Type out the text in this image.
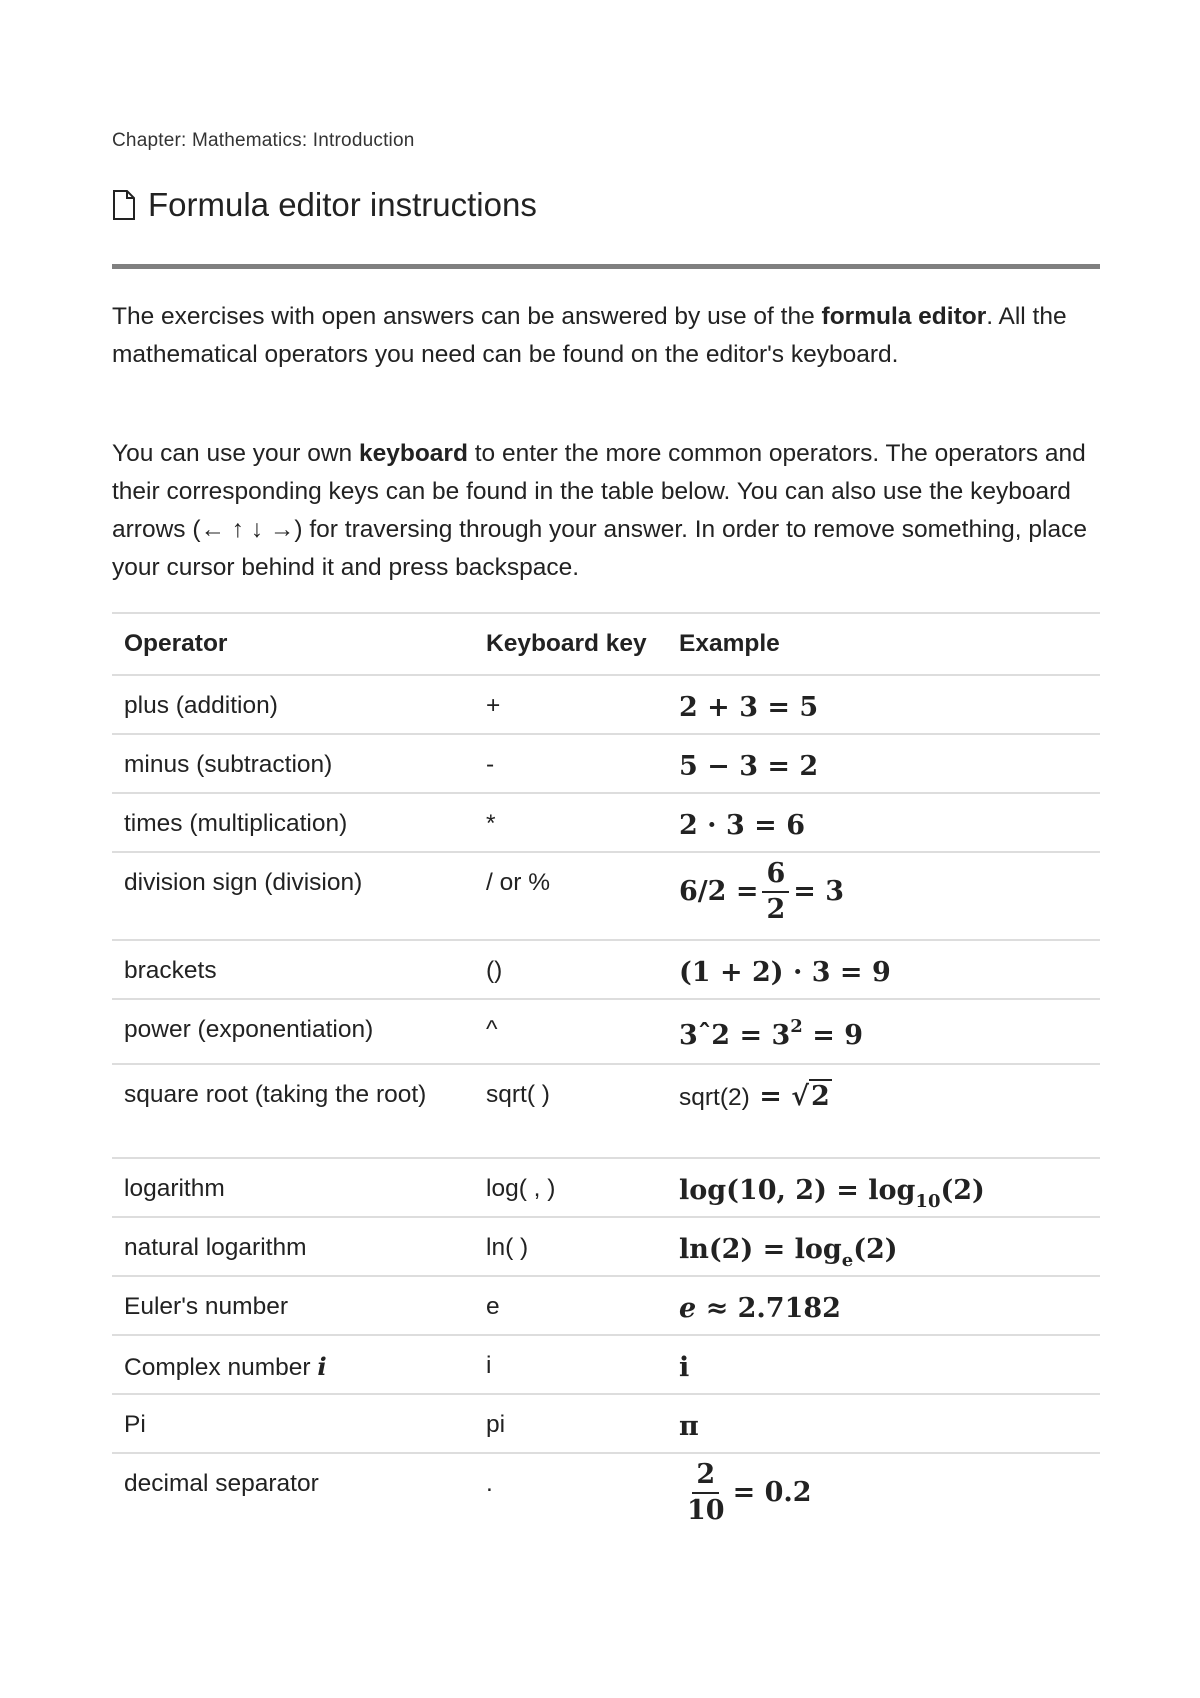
Chapter: Mathematics: Introduction
Formula editor instructions

The exercises with open answers can be answered by use of the formula editor. All the mathematical operators you need can be found on the editor's keyboard.

You can use your own keyboard to enter the more common operators. The operators and their corresponding keys can be found in the table below. You can also use the keyboard arrows (← ↑ ↓ →) for traversing through your answer. In order to remove something, place your cursor behind it and press backspace.

Operator	Keyboard key	Example
plus (addition)	+	2 + 3 = 5
minus (subtraction)	-	5 − 3 = 2
times (multiplication)	*	2 · 3 = 6
division sign (division)	/ or %	$6/2 = \frac{6}{2} = 3$
brackets	()	(1 + 2) · 3 = 9
power (exponentiation)	^	3ˆ2 = $3^2 = 9$
square root (taking the root)	sqrt( )	sqrt(2) = √2
logarithm	log( , )	log(10, $2) = \log_{10}(2)$
natural logarithm	ln( )	$\ln(2) = \log_e(2)$
Euler's number	e	e ≈ 2.7182
Complex number i	i	i
Pi	pi	π
decimal separator	.	$\frac{2}{10} = 0.2$
